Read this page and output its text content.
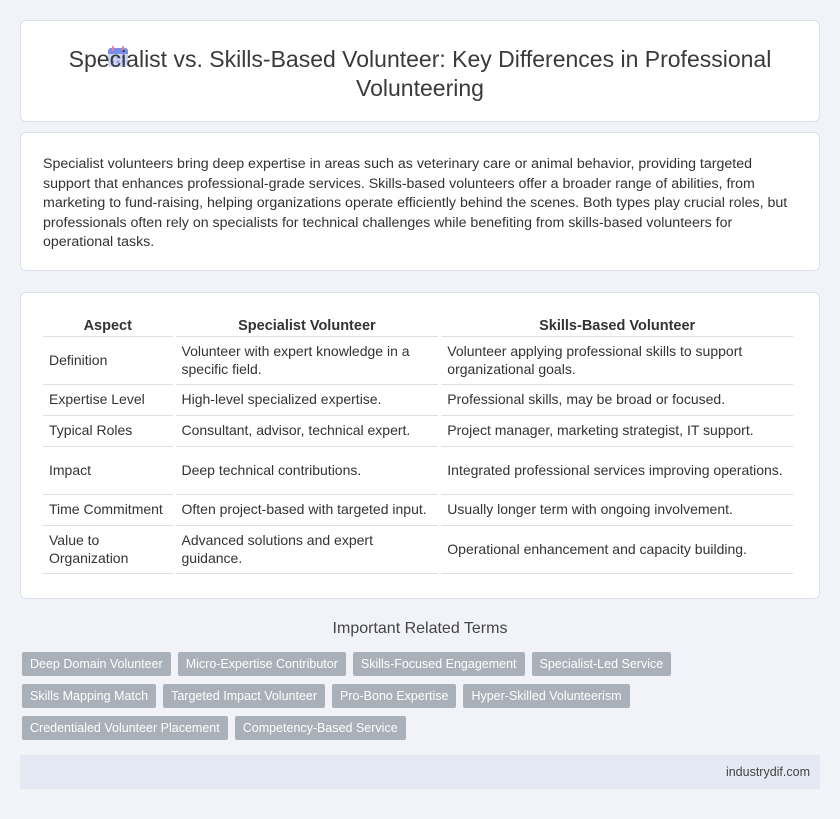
Specialist vs. Skills-Based Volunteer: Key Differences in Professional Volunteering

Specialist volunteers bring deep expertise in areas such as veterinary care or animal behavior, providing targeted support that enhances professional-grade services. Skills-based volunteers offer a broader range of abilities, from marketing to fund-raising, helping organizations operate efficiently behind the scenes. Both types play crucial roles, but professionals often rely on specialists for technical challenges while benefiting from skills-based volunteers for operational tasks.

Aspect	Specialist Volunteer	Skills-Based Volunteer
Definition	Volunteer with expert knowledge in a specific field.	Volunteer applying professional skills to support organizational goals.
Expertise Level	High-level specialized expertise.	Professional skills, may be broad or focused.
Typical Roles	Consultant, advisor, technical expert.	Project manager, marketing strategist, IT support.
Impact	Deep technical contributions.	Integrated professional services improving operations.
Time Commitment	Often project-based with targeted input.	Usually longer term with ongoing involvement.
Value to Organization	Advanced solutions and expert guidance.	Operational enhancement and capacity building.
Important Related Terms
Deep Domain Volunteer	Micro-Expertise Contributor	Skills-Focused Engagement	Specialist-Led Service
Skills Mapping Match	Targeted Impact Volunteer	Pro-Bono Expertise	Hyper-Skilled Volunteerism
Credentialed Volunteer Placement	Competency-Based Service
industrydif.com
